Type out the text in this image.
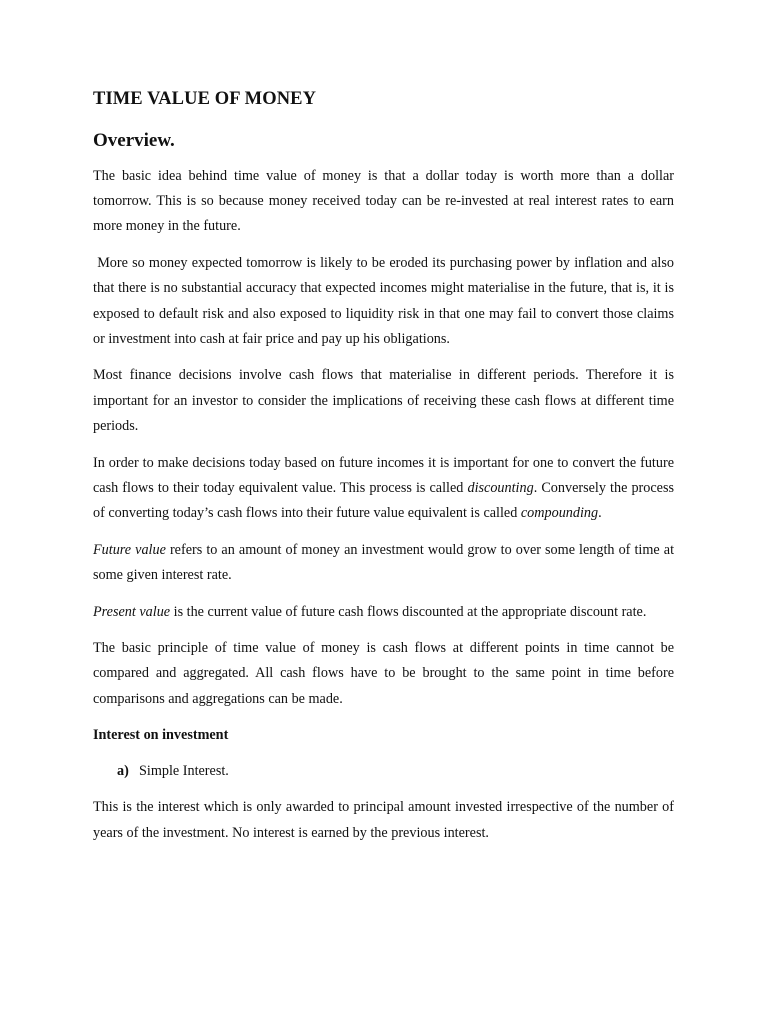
TIME VALUE OF MONEY
Overview.

The basic idea behind time value of money is that a dollar today is worth more than a dollar tomorrow. This is so because money received today can be re-invested at real interest rates to earn more money in the future.

More so money expected tomorrow is likely to be eroded its purchasing power by inflation and also that there is no substantial accuracy that expected incomes might materialise in the future, that is, it is exposed to default risk and also exposed to liquidity risk in that one may fail to convert those claims or investment into cash at fair price and pay up his obligations.

Most finance decisions involve cash flows that materialise in different periods. Therefore it is important for an investor to consider the implications of receiving these cash flows at different time periods.

In order to make decisions today based on future incomes it is important for one to convert the future cash flows to their today equivalent value. This process is called discounting. Conversely the process of converting today’s cash flows into their future value equivalent is called compounding.

Future value refers to an amount of money an investment would grow to over some length of time at some given interest rate.

Present value is the current value of future cash flows discounted at the appropriate discount rate.

The basic principle of time value of money is cash flows at different points in time cannot be compared and aggregated. All cash flows have to be brought to the same point in time before comparisons and aggregations can be made.

Interest on investment
a) Simple Interest.

This is the interest which is only awarded to principal amount invested irrespective of the number of years of the investment. No interest is earned by the previous interest.
